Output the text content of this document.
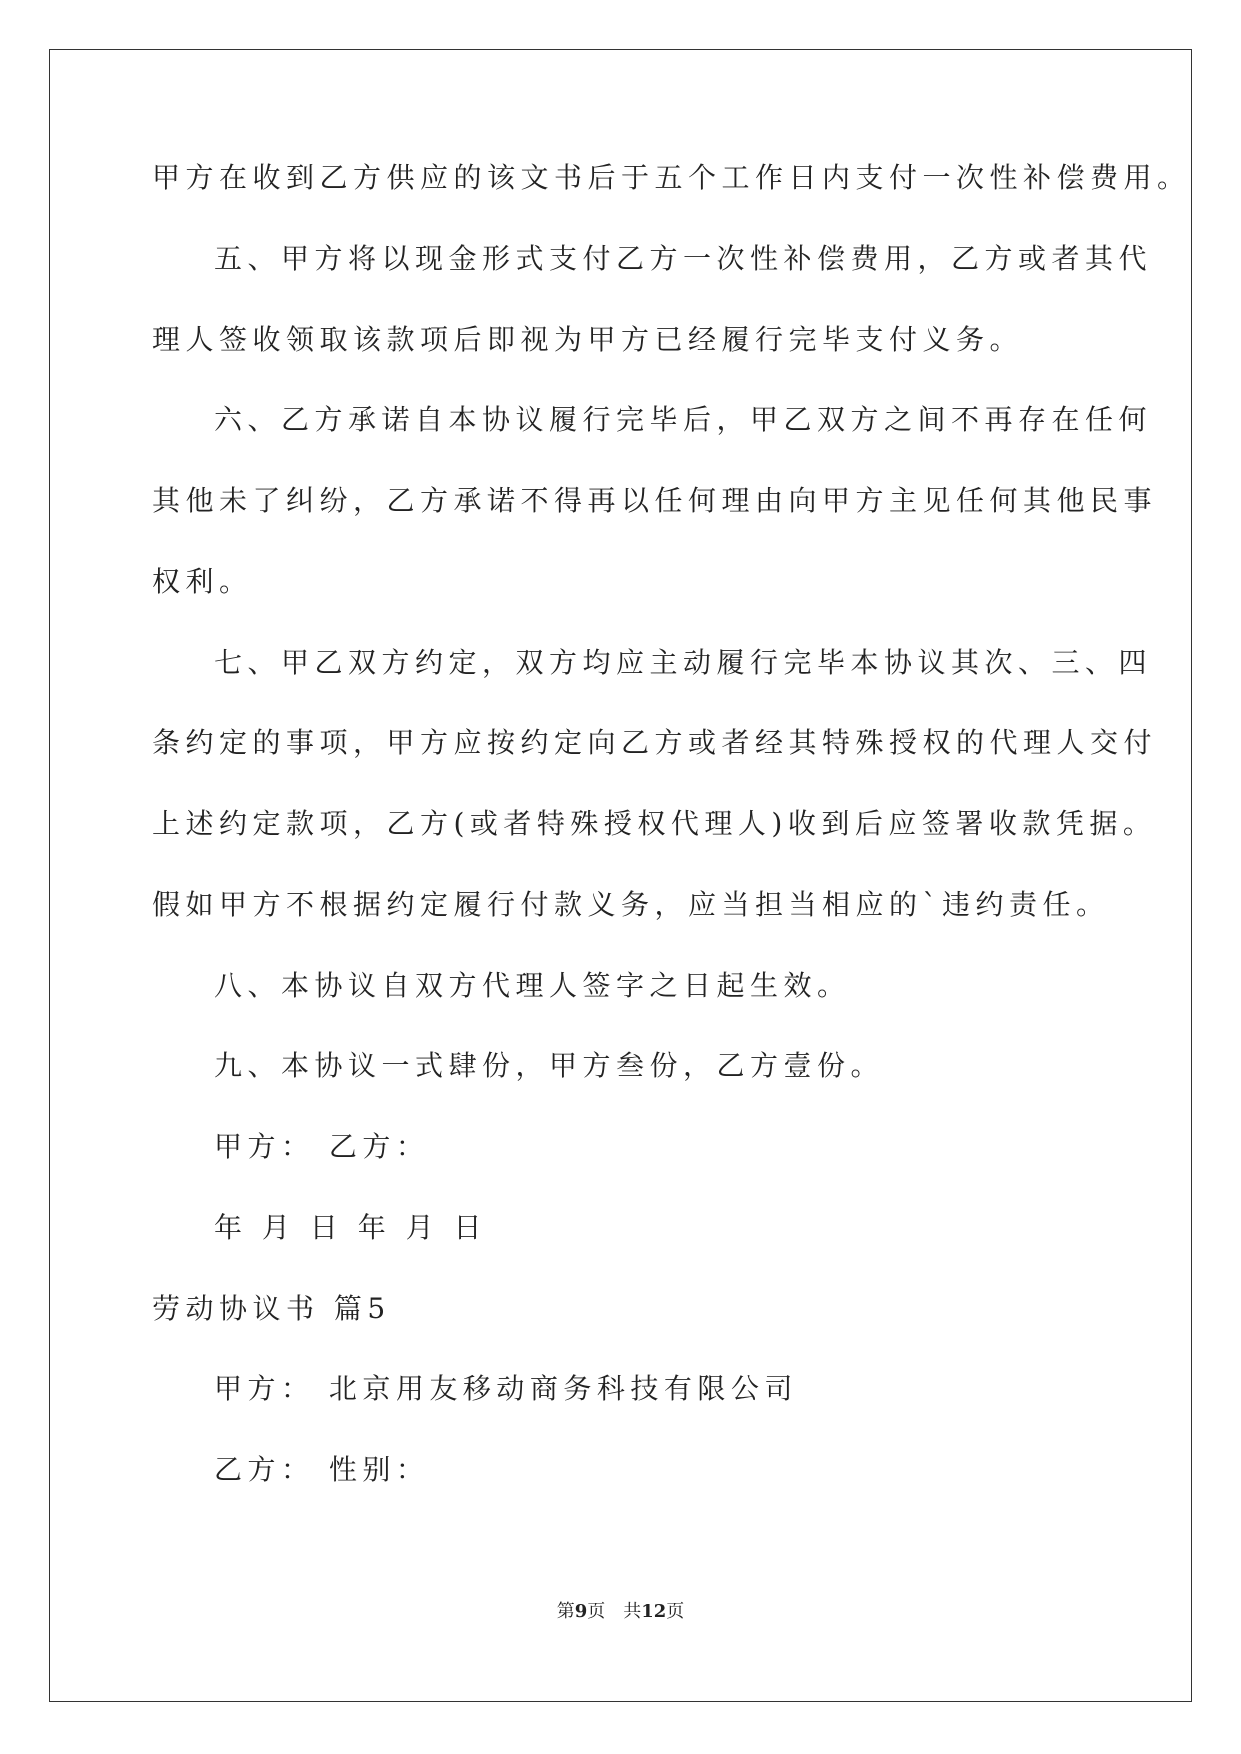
甲方在收到乙方供应的该文书后于五个工作日内支付一次性补偿费用。
五、甲方将以现金形式支付乙方一次性补偿费用，乙方或者其代
理人签收领取该款项后即视为甲方已经履行完毕支付义务。
六、乙方承诺自本协议履行完毕后，甲乙双方之间不再存在任何
其他未了纠纷，乙方承诺不得再以任何理由向甲方主见任何其他民事
权利。
七、甲乙双方约定，双方均应主动履行完毕本协议其次、三、四
条约定的事项，甲方应按约定向乙方或者经其特殊授权的代理人交付
上述约定款项，乙方(或者特殊授权代理人)收到后应签署收款凭据。
假如甲方不根据约定履行付款义务，应当担当相应的`违约责任。
八、本协议自双方代理人签字之日起生效。
九、本协议一式肆份，甲方叁份，乙方壹份。
甲方： 乙方：
年 月 日 年 月 日
劳动协议书 篇5
甲方： 北京用友移动商务科技有限公司
乙方： 性别：
第9页 共12页
